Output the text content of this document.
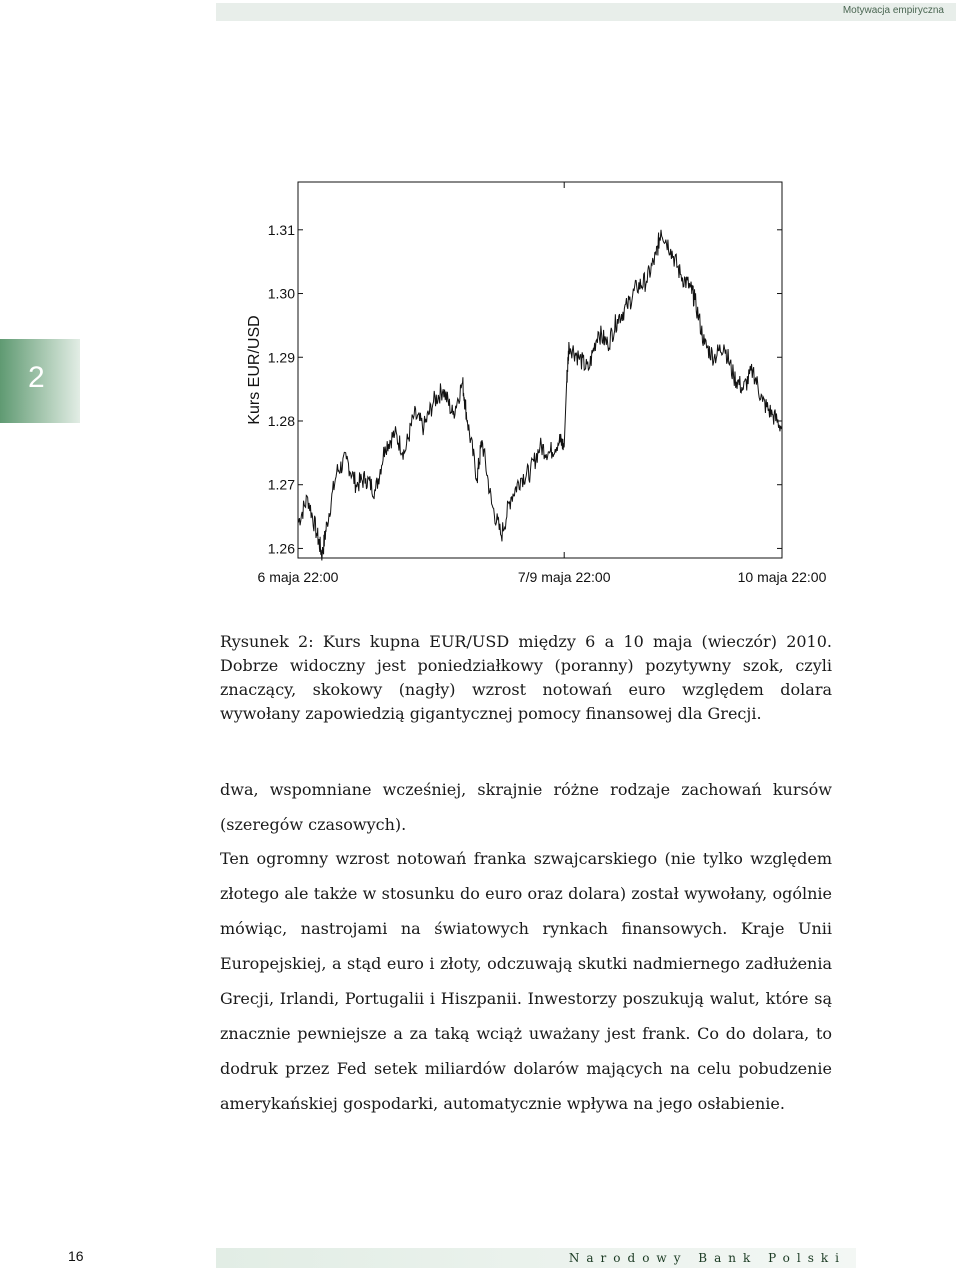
Motywacja empiryczna
2
1.26
1.27
1.28
1.29
1.30
1.31
6 maja 22:00	7/9 maja 22:00	10 maja 22:00
Kurs EUR/USD

Rysunek 2: Kurs kupna EUR/USD między 6 a 10 maja (wieczór) 2010. Dobrze widoczny jest poniedziałkowy (poranny) pozytywny szok, czyli znaczący, skokowy (nagły) wzrost notowań euro względem dolara wywołany zapowiedzią gigantycznej pomocy finansowej dla Grecji.

dwa, wspomniane wcześniej, skrajnie różne rodzaje zachowań kursów (szeregów czasowych).

Ten ogromny wzrost notowań franka szwajcarskiego (nie tylko względem złotego ale także w stosunku do euro oraz dolara) został wywołany, ogólnie mówiąc, nastrojami na światowych rynkach finansowych. Kraje Unii Europejskiej, a stąd euro i złoty, odczuwają skutki nadmiernego zadłużenia Grecji, Irlandi, Portugalii i Hiszpanii. Inwestorzy poszukują walut, które są znacznie pewniejsze a za taką wciąż uważany jest frank. Co do dolara, to dodruk przez Fed setek miliardów dolarów mających na celu pobudzenie amerykańskiej gospodarki, automatycznie wpływa na jego osłabienie.

16	Narodowy Bank Polski
